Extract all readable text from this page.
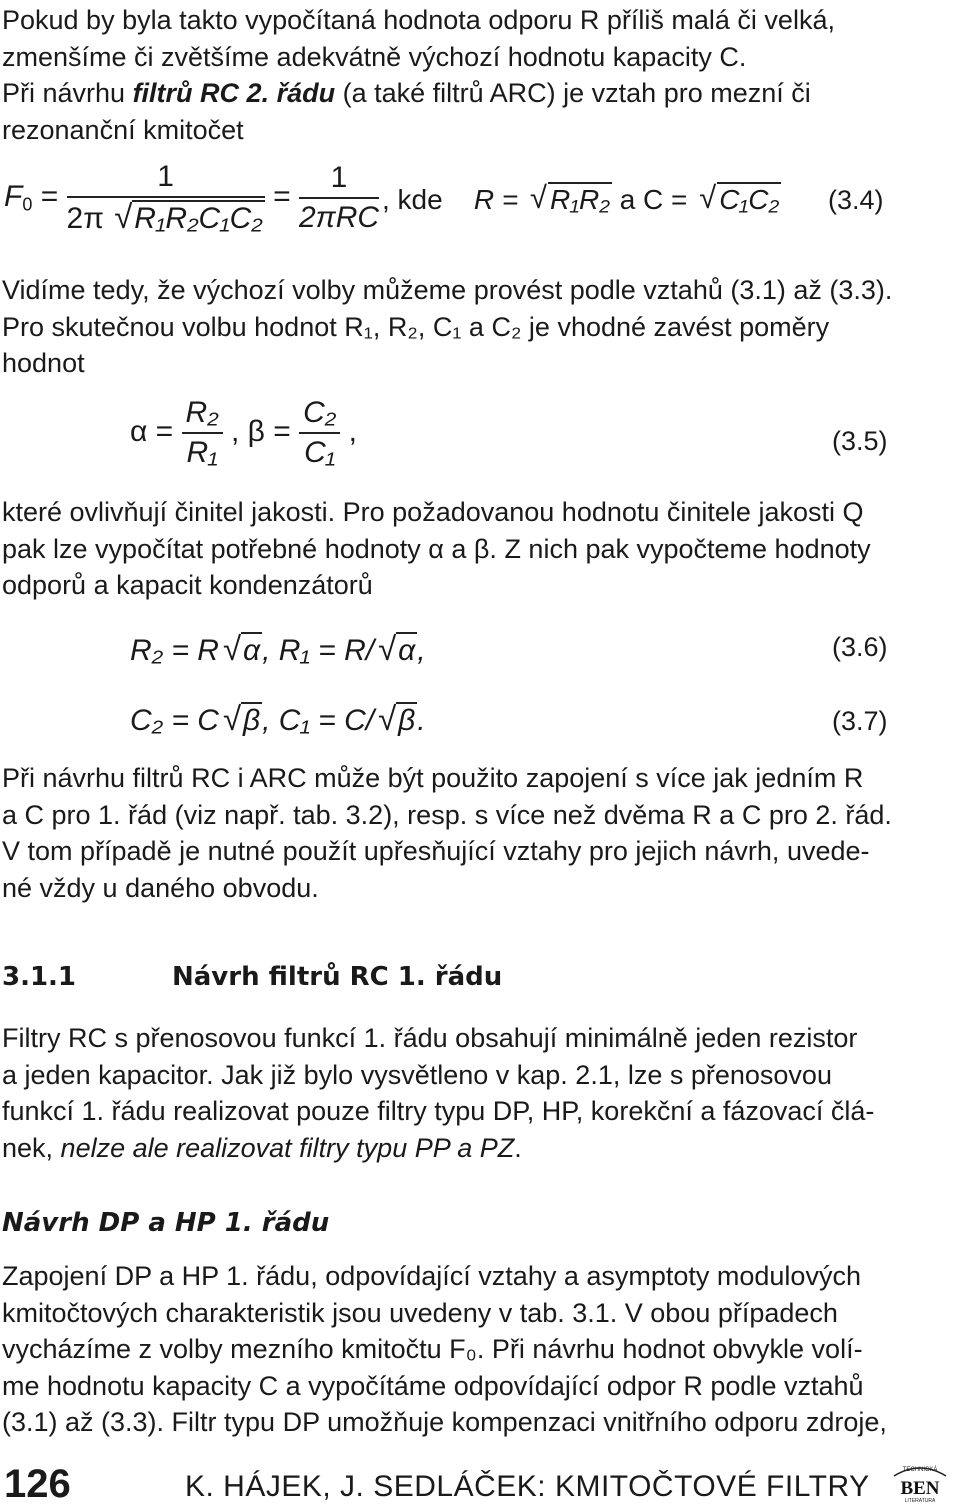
Pokud by byla takto vypočítaná hodnota odporu R příliš malá či velká,
zmenšíme či zvětšíme adekvátně výchozí hodnotu kapacity C.
Při návrhu filtrů RC 2. řádu (a také filtrů ARC) je vztah pro mezní či
rezonanční kmitočet
$F_0 = \frac{1}{\text{2π √ R₁R₂C₁C₂}} = \frac{1}{\text{2πRC}}$ , kde R = √ R₁R₂ a C = √ C₁C₂ (3.4)
Vidíme tedy, že výchozí volby můžeme provést podle vztahů (3.1) až (3.3).
Pro skutečnou volbu hodnot R₁, R₂, C₁ a C₂ je vhodné zavést poměry
hodnot
$\alpha = \frac{\text{R₂}}{\text{R₁}}$ , $\beta = \frac{\text{C₂}}{\text{C₁}}$ ,	(3.5)
které ovlivňují činitel jakosti. Pro požadovanou hodnotu činitele jakosti Q
pak lze vypočítat potřebné hodnoty α a β. Z nich pak vypočteme hodnoty
odporů a kapacit kondenzátorů
R₂ = R √ α, R₁ = R/ √ α,	(3.6)
C₂ = C √ β, C₁ = C/ √ β.	(3.7)
Při návrhu filtrů RC i ARC může být použito zapojení s více jak jedním R
a C pro 1. řád (viz např. tab. 3.2), resp. s více než dvěma R a C pro 2. řád.
V tom případě je nutné použít upřesňující vztahy pro jejich návrh, uvede-
né vždy u daného obvodu.
3.1.1	Návrh filtrů RC 1. řádu
Filtry RC s přenosovou funkcí 1. řádu obsahují minimálně jeden rezistor
a jeden kapacitor. Jak již bylo vysvětleno v kap. 2.1, lze s přenosovou
funkcí 1. řádu realizovat pouze filtry typu DP, HP, korekční a fázovací člá-
nek, nelze ale realizovat filtry typu PP a PZ.
Návrh DP a HP 1. řádu
Zapojení DP a HP 1. řádu, odpovídající vztahy a asymptoty modulových
kmitočtových charakteristik jsou uvedeny v tab. 3.1. V obou případech
vycházíme z volby mezního kmitočtu F₀. Při návrhu hodnot obvykle volí-
me hodnotu kapacity C a vypočítáme odpovídající odpor R podle vztahů
(3.1) až (3.3). Filtr typu DP umožňuje kompenzaci vnitřního odporu zdroje,
126	K. HÁJEK, J. SEDLÁČEK: KMITOČTOVÉ FILTRY	TECHNICKÁ
BEN
LITERATURA
